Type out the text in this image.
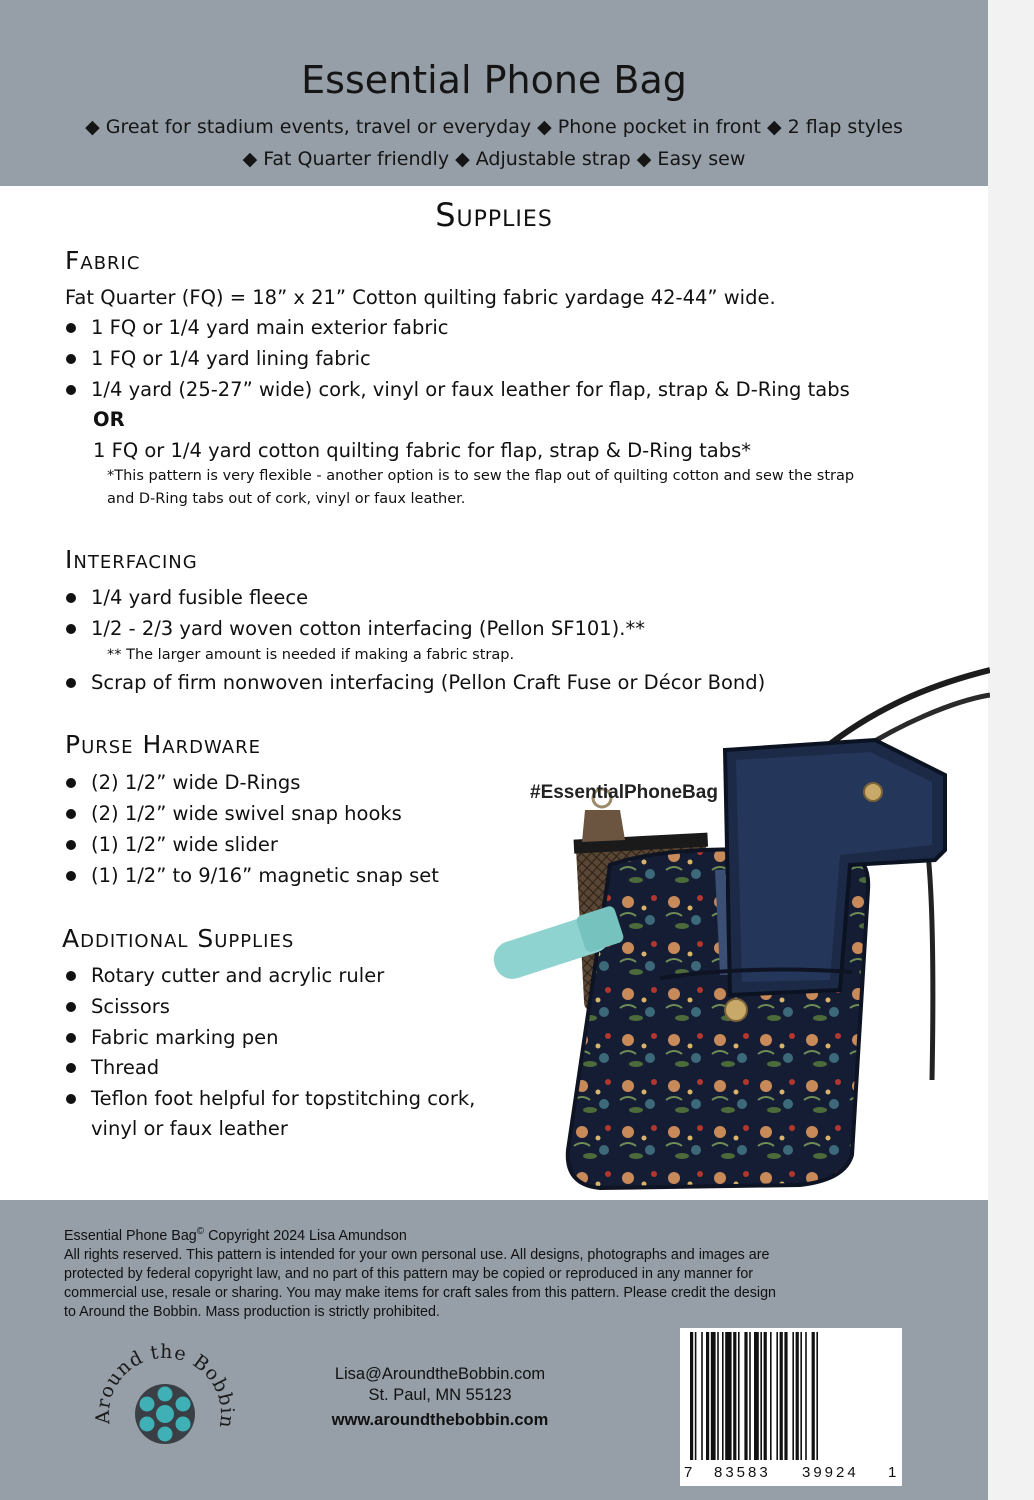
Essential Phone Bag
◆ Great for stadium events, travel or everyday ◆ Phone pocket in front ◆ 2 flap styles
◆ Fat Quarter friendly ◆ Adjustable strap ◆ Easy sew
Supplies
Fabric
Fat Quarter (FQ) = 18” x 21” Cotton quilting fabric yardage 42-44” wide.
1 FQ or 1/4 yard main exterior fabric
1 FQ or 1/4 yard lining fabric
1/4 yard (25-27” wide) cork, vinyl or faux leather for flap, strap & D-Ring tabs
OR
1 FQ or 1/4 yard cotton quilting fabric for flap, strap & D-Ring tabs*
*This pattern is very flexible - another option is to sew the flap out of quilting cotton and sew the strap
and D-Ring tabs out of cork, vinyl or faux leather.
Interfacing
1/4 yard fusible fleece
1/2 - 2/3 yard woven cotton interfacing (Pellon SF101).**
** The larger amount is needed if making a fabric strap.
Scrap of firm nonwoven interfacing (Pellon Craft Fuse or Décor Bond)
Purse Hardware
(2) 1/2” wide D-Rings
(2) 1/2” wide swivel snap hooks
(1) 1/2” wide slider
(1) 1/2” to 9/16” magnetic snap set
Additional Supplies
Rotary cutter and acrylic ruler
Scissors
Fabric marking pen
Thread
Teflon foot helpful for topstitching cork,
vinyl or faux leather
#EssentialPhoneBag
Essential Phone Bag© Copyright 2024 Lisa Amundson
All rights reserved. This pattern is intended for your own personal use. All designs, photographs and images are
protected by federal copyright law, and no part of this pattern may be copied or reproduced in any manner for
commercial use, resale or sharing. You may make items for craft sales from this pattern. Please credit the design
to Around the Bobbin. Mass production is strictly prohibited.
Around the Bobbin
Lisa@AroundtheBobbin.com
St. Paul, MN 55123
www.aroundthebobbin.com
7 83583 39924 1
